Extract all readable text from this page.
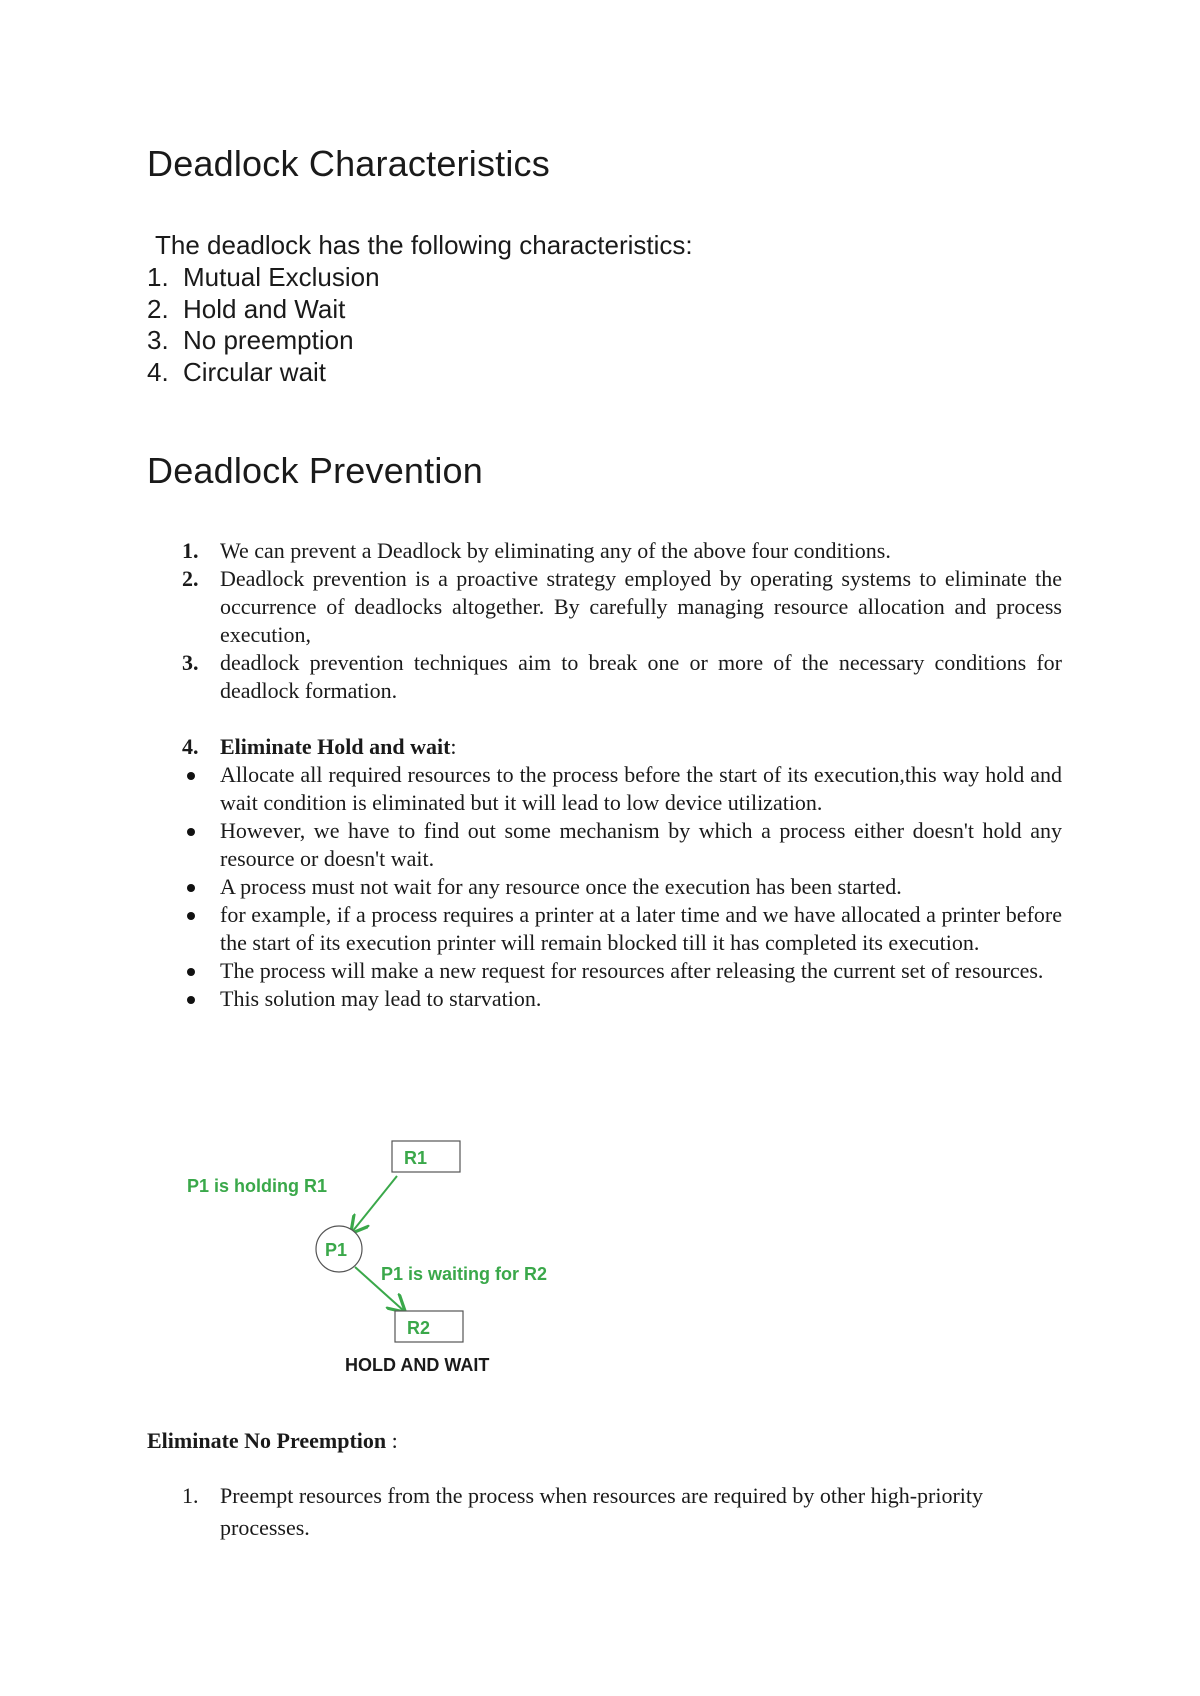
Deadlock Characteristics
The deadlock has the following characteristics:
1. Mutual Exclusion
2. Hold and Wait
3. No preemption
4. Circular wait
Deadlock Prevention
1. We can prevent a Deadlock by eliminating any of the above four conditions.
2. Deadlock prevention is a proactive strategy employed by operating systems to eliminate the occurrence of deadlocks altogether. By carefully managing resource allocation and process execution,
3. deadlock prevention techniques aim to break one or more of the necessary conditions for deadlock formation.
4. Eliminate Hold and wait:
Allocate all required resources to the process before the start of its execution,this way hold and wait condition is eliminated but it will lead to low device utilization.
However, we have to find out some mechanism by which a process either doesn't hold any resource or doesn't wait.
A process must not wait for any resource once the execution has been started.
for example, if a process requires a printer at a later time and we have allocated a printer before the start of its execution printer will remain blocked till it has completed its execution.
The process will make a new request for resources after releasing the current set of resources.
This solution may lead to starvation.
R1
P1 is holding R1
P1
P1 is waiting for R2
R2
HOLD AND WAIT
Eliminate No Preemption :
1. Preempt resources from the process when resources are required by other high-priority processes.
